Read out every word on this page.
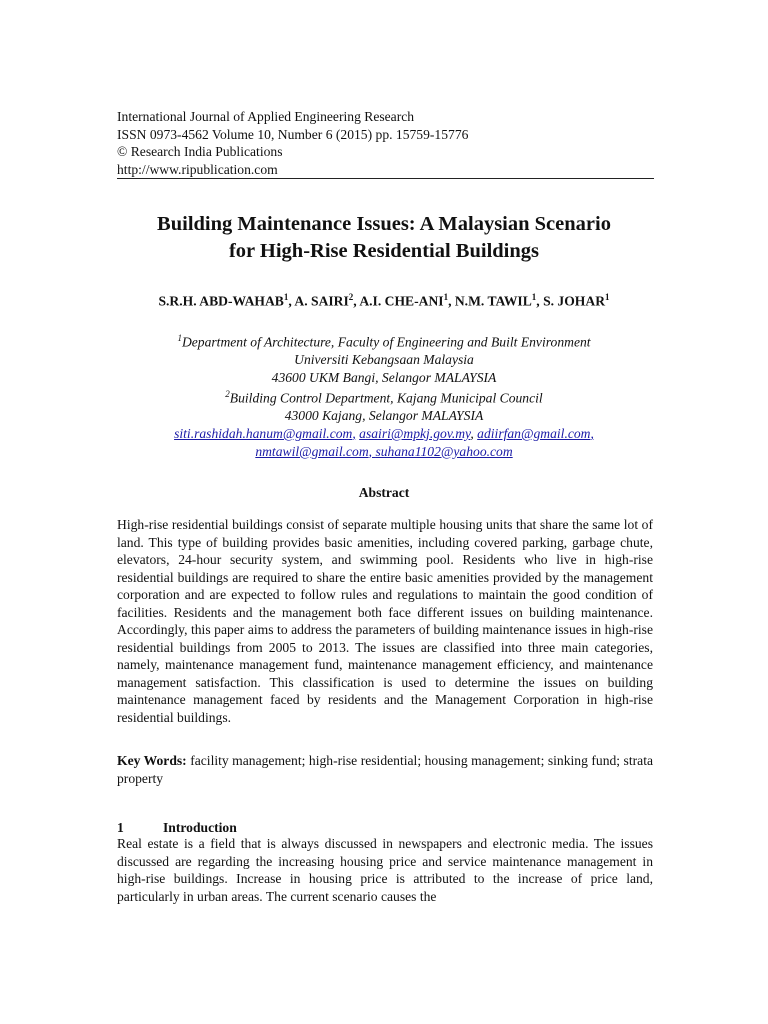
International Journal of Applied Engineering Research
ISSN 0973-4562 Volume 10, Number 6 (2015) pp. 15759-15776
© Research India Publications
http://www.ripublication.com
Building Maintenance Issues: A Malaysian Scenario
for High-Rise Residential Buildings
S.R.H. ABD-WAHAB$^1$, A. SAIRI$^2$, A.I. CHE-ANI$^1$, N.M. TAWIL$^1$, S. JOHAR$^1$
$^1$Department of Architecture, Faculty of Engineering and Built Environment
Universiti Kebangsaan Malaysia
43600 UKM Bangi, Selangor MALAYSIA
$^2$Building Control Department, Kajang Municipal Council
43000 Kajang, Selangor MALAYSIA
siti.rashidah.hanum@gmail.com, asairi@mpkj.gov.my, adiirfan@gmail.com,
nmtawil@gmail.com, suhana1102@yahoo.com
Abstract
High-rise residential buildings consist of separate multiple housing units that share the same lot of land. This type of building provides basic amenities, including covered parking, garbage chute, elevators, 24-hour security system, and swimming pool. Residents who live in high-rise residential buildings are required to share the entire basic amenities provided by the management corporation and are expected to follow rules and regulations to maintain the good condition of facilities. Residents and the management both face different issues on building maintenance. Accordingly, this paper aims to address the parameters of building maintenance issues in high-rise residential buildings from 2005 to 2013. The issues are classified into three main categories, namely, maintenance management fund, maintenance management efficiency, and maintenance management satisfaction. This classification is used to determine the issues on building maintenance management faced by residents and the Management Corporation in high-rise residential buildings.
Key Words: facility management; high-rise residential; housing management; sinking fund; strata property
1	Introduction
Real estate is a field that is always discussed in newspapers and electronic media. The issues discussed are regarding the increasing housing price and service maintenance management in high-rise buildings. Increase in housing price is attributed to the increase of price land, particularly in urban areas. The current scenario causes the
